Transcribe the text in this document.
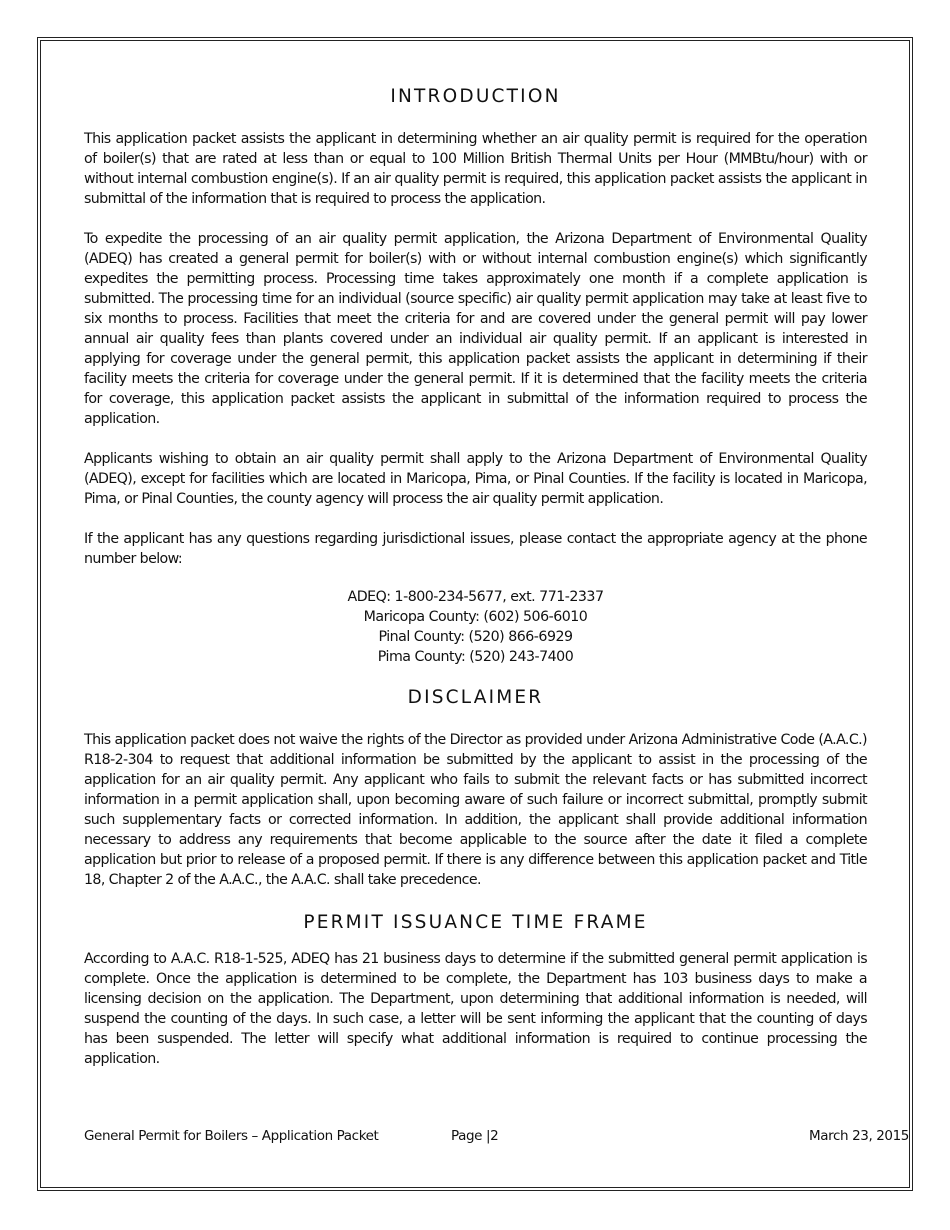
INTRODUCTION

This application packet assists the applicant in determining whether an air quality permit is required for the operation of boiler(s) that are rated at less than or equal to 100 Million British Thermal Units per Hour (MMBtu/hour) with or without internal combustion engine(s). If an air quality permit is required, this application packet assists the applicant in submittal of the information that is required to process the application.

To expedite the processing of an air quality permit application, the Arizona Department of Environmental Quality (ADEQ) has created a general permit for boiler(s) with or without internal combustion engine(s) which significantly expedites the permitting process. Processing time takes approximately one month if a complete application is submitted. The processing time for an individual (source specific) air quality permit application may take at least five to six months to process. Facilities that meet the criteria for and are covered under the general permit will pay lower annual air quality fees than plants covered under an individual air quality permit. If an applicant is interested in applying for coverage under the general permit, this application packet assists the applicant in determining if their facility meets the criteria for coverage under the general permit. If it is determined that the facility meets the criteria for coverage, this application packet assists the applicant in submittal of the information required to process the application.

Applicants wishing to obtain an air quality permit shall apply to the Arizona Department of Environmental Quality (ADEQ), except for facilities which are located in Maricopa, Pima, or Pinal Counties. If the facility is located in Maricopa, Pima, or Pinal Counties, the county agency will process the air quality permit application.

If the applicant has any questions regarding jurisdictional issues, please contact the appropriate agency at the phone number below:

ADEQ: 1-800-234-5677, ext. 771-2337
Maricopa County: (602) 506-6010
Pinal County: (520) 866-6929
Pima County: (520) 243-7400
DISCLAIMER

This application packet does not waive the rights of the Director as provided under Arizona Administrative Code (A.A.C.) R18-2-304 to request that additional information be submitted by the applicant to assist in the processing of the application for an air quality permit. Any applicant who fails to submit the relevant facts or has submitted incorrect information in a permit application shall, upon becoming aware of such failure or incorrect submittal, promptly submit such supplementary facts or corrected information. In addition, the applicant shall provide additional information necessary to address any requirements that become applicable to the source after the date it filed a complete application but prior to release of a proposed permit. If there is any difference between this application packet and Title 18, Chapter 2 of the A.A.C., the A.A.C. shall take precedence.

PERMIT ISSUANCE TIME FRAME

According to A.A.C. R18-1-525, ADEQ has 21 business days to determine if the submitted general permit application is complete. Once the application is determined to be complete, the Department has 103 business days to make a licensing decision on the application. The Department, upon determining that additional information is needed, will suspend the counting of the days. In such case, a letter will be sent informing the applicant that the counting of days has been suspended. The letter will specify what additional information is required to continue processing the application.

General Permit for Boilers – Application Packet	Page |2	March 23, 2015
